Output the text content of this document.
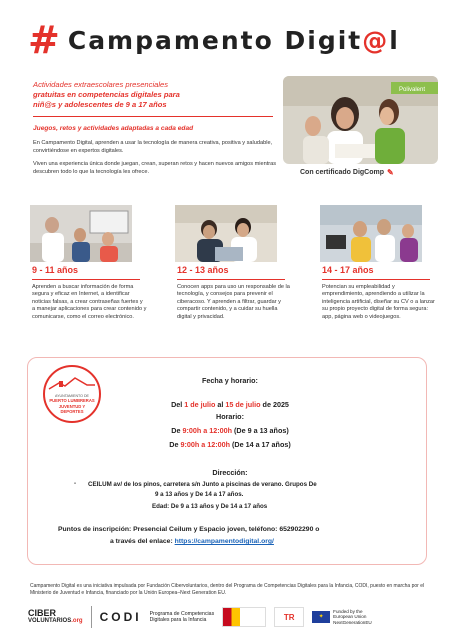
# Campamento Digit@l
Actividades extraescolares presenciales
gratuitas en competencias digitales para
niñ@s y adolescentes de 9 a 17 años
Juegos, retos y actividades adaptadas a cada edad
En Campamento Digital, aprenden a usar la tecnología de manera creativa, positiva y saludable, convirtiéndose en expertos digitales.
Viven una experiencia única donde juegan, crean, superan retos y hacen nuevos amigos mientras descubren todo lo que la tecnología les ofrece.
Polivalent
Con certificado DigComp ✎
9 - 11 años
Aprenden a buscar información de forma segura y eficaz en Internet, a identificar noticias falsas, a crear contraseñas fuertes y a manejar aplicaciones para crear contenido y comunicarse, como el correo electrónico.
12 - 13 años
Conocen apps para uso un responsable de la tecnología, y consejos para prevenir el ciberacoso. Y aprenden a filtrar, guardar y compartir contenido, y a cuidar su huella digital y privacidad.
14 - 17 años
Potencian su empleabilidad y emprendimiento, aprendiendo a utilizar la inteligencia artificial, diseñar su CV o a lanzar su propio proyecto digital de forma segura: app, página web o videojuegos.
AYUNTAMIENTO DE
PUERTO LUMBRERAS
JUVENTUD Y
DEPORTES
Fecha y horario:
Del 1 de julio al 15 de julio de 2025
Horario:
De 9:00h a 12:00h (De 9 a 13 años)
De 9:00h a 12:00h (De 14 a 17 años)
Dirección:
- CEILUM av/ de los pinos, carretera s/n Junto a piscinas de verano. Grupos De
9 a 13 años y De 14 a 17 años.
Edad: De 9 a 13 años y De 14 a 17 años
Puntos de inscripción: Presencial Ceilum y Espacio joven, teléfono: 652902290 o
a través del enlace: https://campamentodigital.org/
Campamento Digital es una iniciativa impulsada por Fundación Cibervoluntarios, dentro del Programa de Competencias Digitales para la Infancia, CODI, puesto en marcha por el Ministerio de Juventud e Infancia, financiado por la Unión Europea–Next Generation EU.
CIBER
VOLUNTARIOS.org CODI Programa de Competencias
Digitales para la Infancia	TR	✦
Funded by the
European Union
NextGenerationEU
